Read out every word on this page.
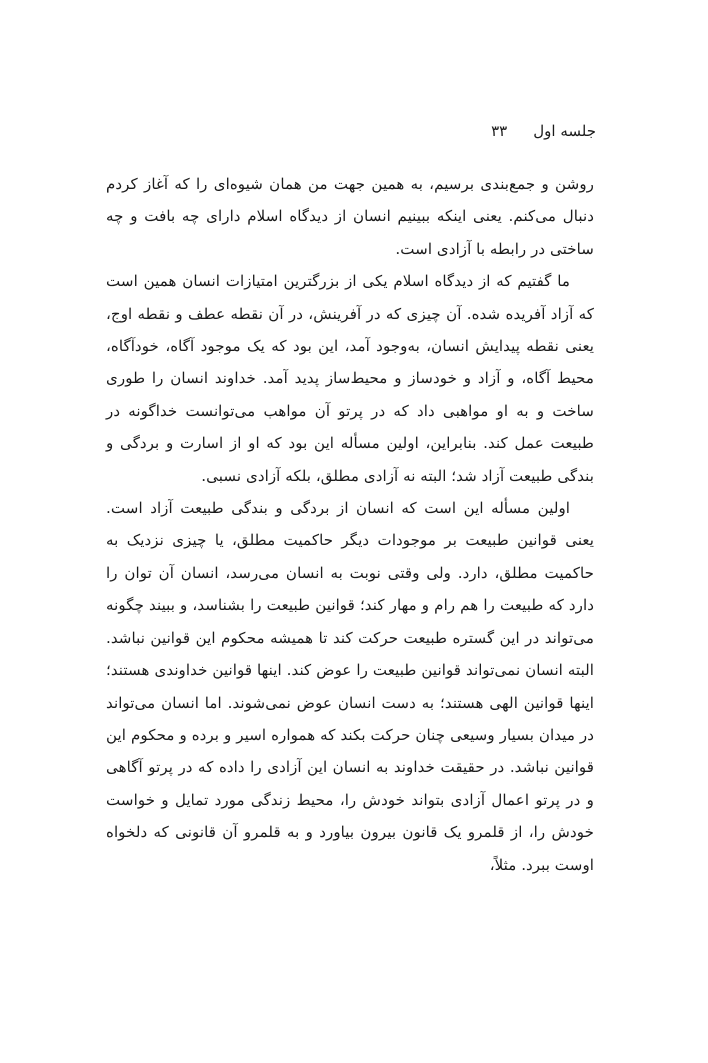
جلسه اول
۳۳

روشن و جمع‌بندی برسیم، به همین جهت من همان شیوه‌ای را که آغاز کردم دنبال می‌کنم. یعنی اینکه ببینیم انسان از دیدگاه اسلام دارای چه بافت و چه ساختی در رابطه با آزادی است.

ما گفتیم که از دیدگاه اسلام یکی از بزرگترین امتیازات انسان همین است که آزاد آفریده شده. آن چیزی که در آفرینش، در آن نقطه عطف و نقطه اوج، یعنی نقطه پیدایش انسان، به‌وجود آمد، این بود که یک موجود آگاه، خودآگاه، محیط آگاه، و آزاد و خودساز و محیط‌ساز پدید آمد. خداوند انسان را طوری ساخت و به او مواهبی داد که در پرتو آن مواهب می‌توانست خداگونه در طبیعت عمل کند. بنابراین، اولین مسأله این بود که او از اسارت و بردگی و بندگی طبیعت آزاد شد؛ البته نه آزادی مطلق، بلکه آزادی نسبی.

اولین مسأله این است که انسان از بردگی و بندگی طبیعت آزاد است. یعنی قوانین طبیعت بر موجودات دیگر حاکمیت مطلق، یا چیزی نزدیک به حاکمیت مطلق، دارد. ولی وقتی نوبت به انسان می‌رسد، انسان آن توان را دارد که طبیعت را هم رام و مهار کند؛ قوانین طبیعت را بشناسد، و ببیند چگونه می‌تواند در این گستره طبیعت حرکت کند تا همیشه محکوم این قوانین نباشد. البته انسان نمی‌تواند قوانین طبیعت را عوض کند. اینها قوانین خداوندی هستند؛ اینها قوانین الهی هستند؛ به دست انسان عوض نمی‌شوند. اما انسان می‌تواند در میدان بسیار وسیعی چنان حرکت بکند که همواره اسیر و برده و محکوم این قوانین نباشد. در حقیقت خداوند به انسان این آزادی را داده که در پرتو آگاهی و در پرتو اعمال آزادی بتواند خودش را، محیط زندگی مورد تمایل و خواست خودش را، از قلمرو یک قانون بیرون بیاورد و به قلمرو آن قانونی که دلخواه اوست ببرد. مثلاً،
